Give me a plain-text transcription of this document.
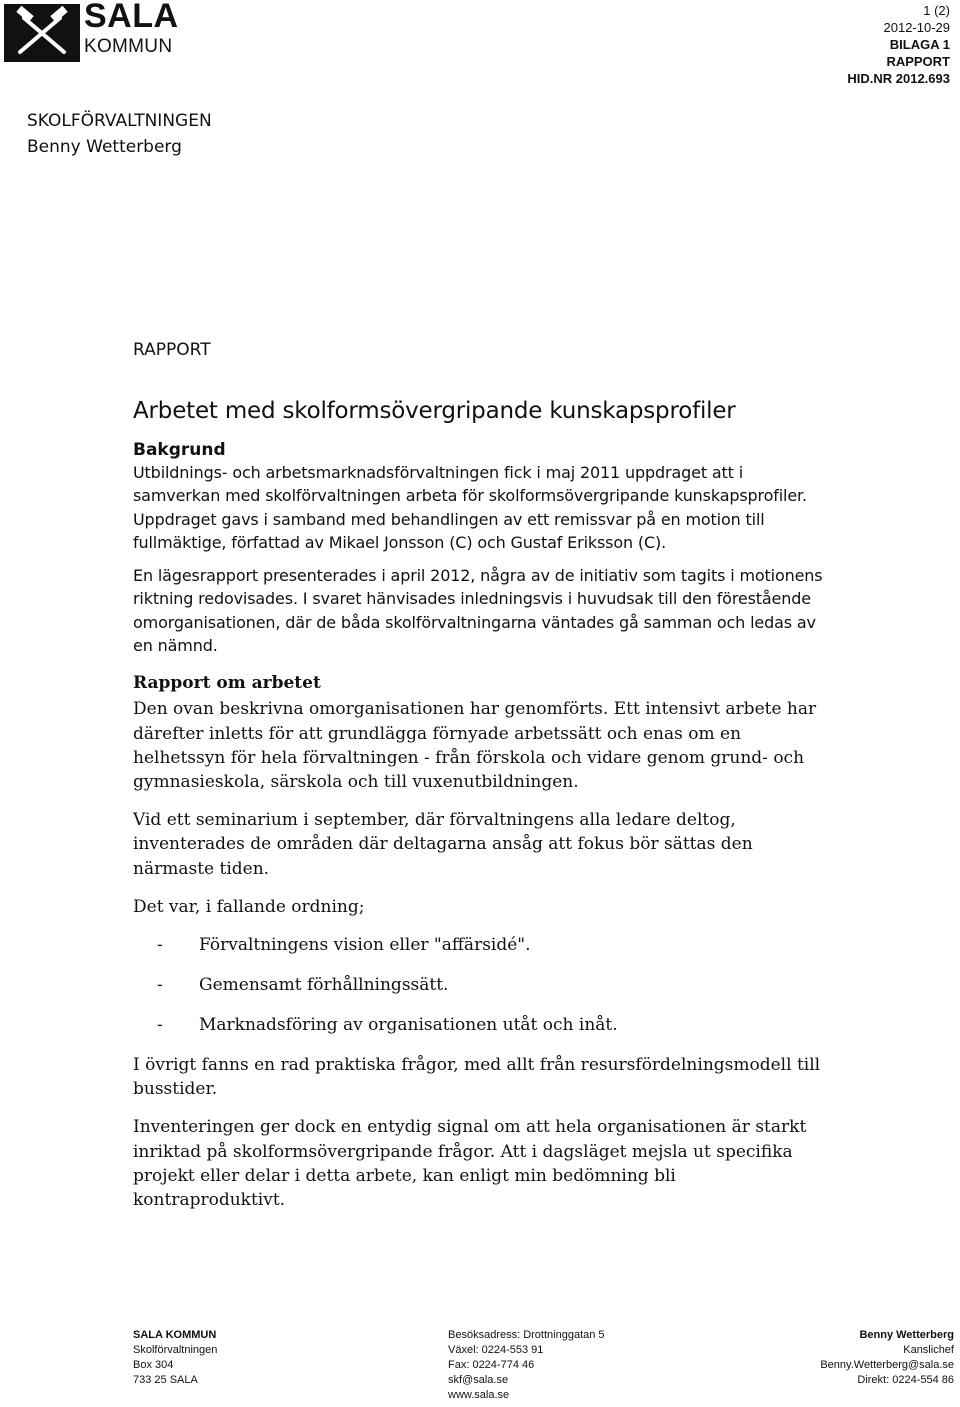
SALA
KOMMUN
1 (2)
2012-10-29
BILAGA 1
RAPPORT
HID.NR 2012.693
SKOLFÖRVALTNINGEN
Benny Wetterberg
RAPPORT
Arbetet med skolformsövergripande kunskapsprofiler
Bakgrund

Utbildnings- och arbetsmarknadsförvaltningen fick i maj 2011 uppdraget att i samverkan med skolförvaltningen arbeta för skolformsövergripande kunskapsprofiler. Uppdraget gavs i samband med behandlingen av ett remissvar på en motion till fullmäktige, författad av Mikael Jonsson (C) och Gustaf Eriksson (C).

En lägesrapport presenterades i april 2012, några av de initiativ som tagits i motionens riktning redovisades. I svaret hänvisades inledningsvis i huvudsak till den förestående omorganisationen, där de båda skolförvaltningarna väntades gå samman och ledas av en nämnd.

Rapport om arbetet

Den ovan beskrivna omorganisationen har genomförts. Ett intensivt arbete har därefter inletts för att grundlägga förnyade arbetssätt och enas om en helhetssyn för hela förvaltningen - från förskola och vidare genom grund- och gymnasieskola, särskola och till vuxenutbildningen.

Vid ett seminarium i september, där förvaltningens alla ledare deltog, inventerades de områden där deltagarna ansåg att fokus bör sättas den närmaste tiden.

Det var, i fallande ordning;

- Förvaltningens vision eller "affärsidé".
- Gemensamt förhållningssätt.
- Marknadsföring av organisationen utåt och inåt.

I övrigt fanns en rad praktiska frågor, med allt från resursfördelningsmodell till busstider.

Inventeringen ger dock en entydig signal om att hela organisationen är starkt inriktad på skolformsövergripande frågor. Att i dagsläget mejsla ut specifika projekt eller delar i detta arbete, kan enligt min bedömning bli kontraproduktivt.

SALA KOMMUN
Skolförvaltningen
Box 304
733 25 SALA
Besöksadress: Drottninggatan 5
Växel: 0224-553 91
Fax: 0224-774 46
skf@sala.se
www.sala.se
Benny Wetterberg
Kanslichef
Benny.Wetterberg@sala.se
Direkt: 0224-554 86
